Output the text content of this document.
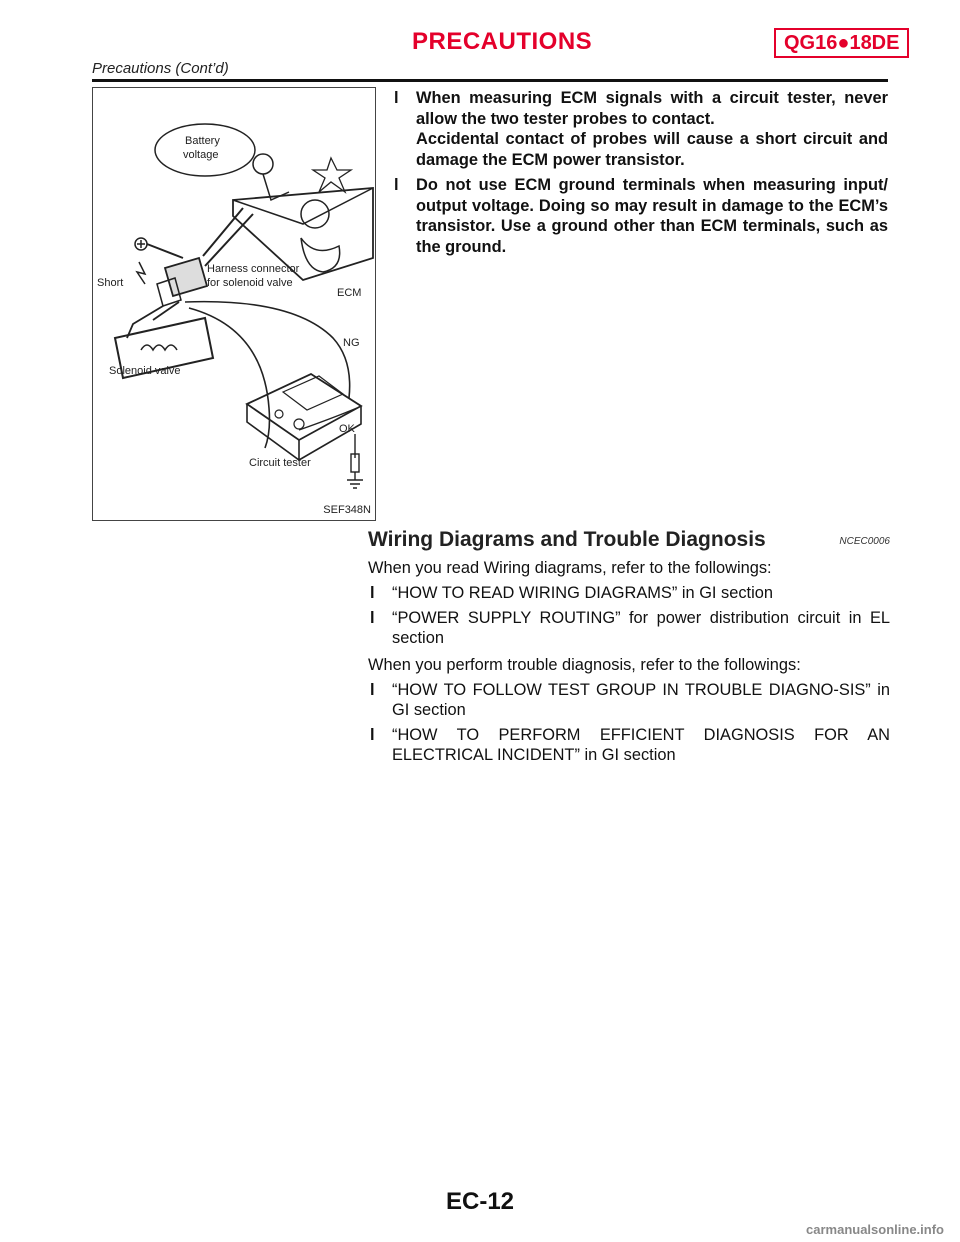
PRECAUTIONS	QG16●18DE
Precautions (Cont’d)
Battery
voltage
Short
Harness connector
for solenoid valve
ECM
Solenoid valve
NG
OK
Circuit tester
SEF348N
l When measuring ECM signals with a circuit tester, never allow the two tester probes to contact.
Accidental contact of probes will cause a short circuit and damage the ECM power transistor.
l Do not use ECM ground terminals when measuring input/ output voltage. Doing so may result in damage to the ECM’s transistor. Use a ground other than ECM terminals, such as the ground.
Wiring Diagrams and Trouble Diagnosis	NCEC0006
When you read Wiring diagrams, refer to the followings:
l “HOW TO READ WIRING DIAGRAMS” in GI section
l “POWER SUPPLY ROUTING” for power distribution circuit in EL section
When you perform trouble diagnosis, refer to the followings:
l “HOW TO FOLLOW TEST GROUP IN TROUBLE DIAGNO-SIS” in GI section
l “HOW TO PERFORM EFFICIENT DIAGNOSIS FOR AN ELECTRICAL INCIDENT” in GI section
EC-12
carmanualsonline.info
